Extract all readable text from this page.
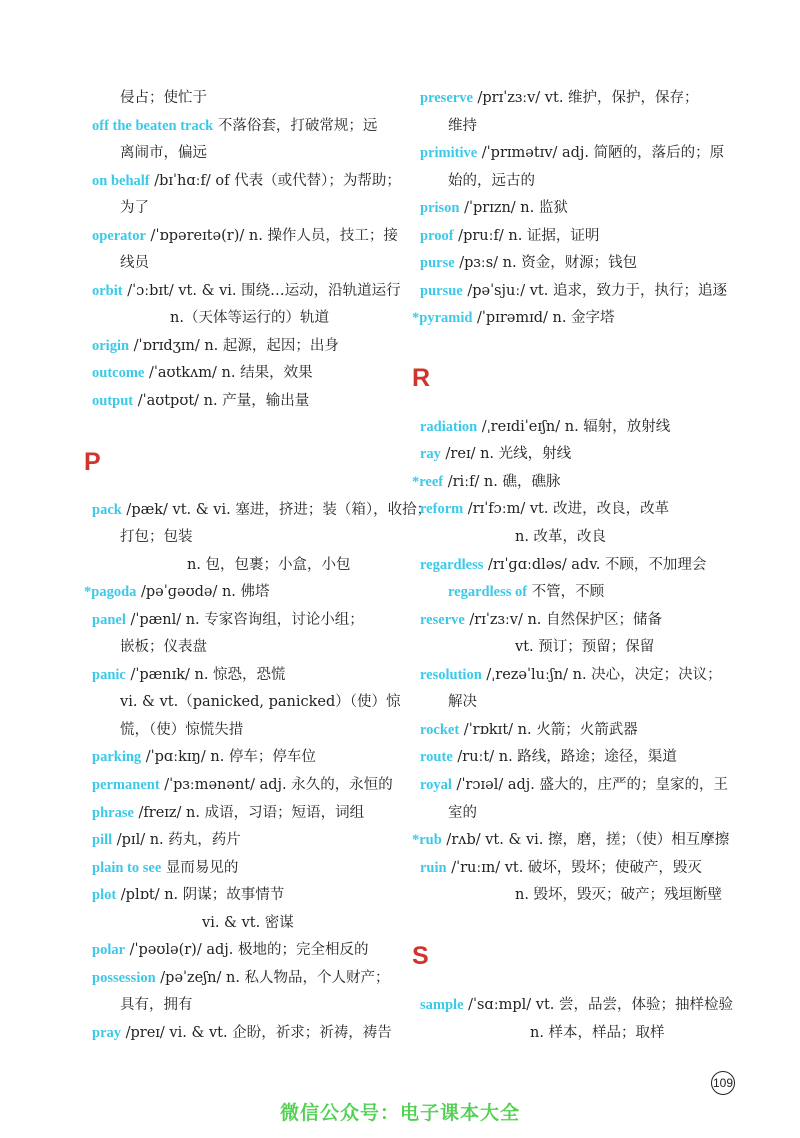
侵占；使忙于
off the beaten track 不落俗套，打破常规；远
离闹市，偏远
on behalf /bɪˈhɑːf/ of 代表（或代替）；为帮助；
为了
operator /ˈɒpəreɪtə(r)/ n. 操作人员，技工；接
线员
orbit /ˈɔːbɪt/ vt. & vi. 围绕…运动，沿轨道运行
n.（天体等运行的）轨道
origin /ˈɒrɪdʒɪn/ n. 起源，起因；出身
outcome /ˈaʊtkʌm/ n. 结果，效果
output /ˈaʊtpʊt/ n. 产量，输出量
pack /pæk/ vt. & vi. 塞进，挤进；装（箱），收拾；
打包；包装
n. 包，包裹；小盒，小包
*pagoda /pəˈɡəʊdə/ n. 佛塔
panel /ˈpænl/ n. 专家咨询组，讨论小组；
嵌板；仪表盘
panic /ˈpænɪk/ n. 惊恐，恐慌
vi. & vt.（panicked, panicked）（使）惊
慌，（使）惊慌失措
parking /ˈpɑːkɪŋ/ n. 停车；停车位
permanent /ˈpɜːmənənt/ adj. 永久的，永恒的
phrase /freɪz/ n. 成语，习语；短语，词组
pill /pɪl/ n. 药丸，药片
plain to see 显而易见的
plot /plɒt/ n. 阴谋；故事情节
vi. & vt. 密谋
polar /ˈpəʊlə(r)/ adj. 极地的；完全相反的
possession /pəˈzeʃn/ n. 私人物品，个人财产；
具有，拥有
pray /preɪ/ vi. & vt. 企盼，祈求；祈祷，祷告
preserve /prɪˈzɜːv/ vt. 维护，保护，保存；
维持
primitive /ˈprɪmətɪv/ adj. 简陋的，落后的；原
始的，远古的
prison /ˈprɪzn/ n. 监狱
proof /pruːf/ n. 证据，证明
purse /pɜːs/ n. 资金，财源；钱包
pursue /pəˈsjuː/ vt. 追求，致力于，执行；追逐
*pyramid /ˈpɪrəmɪd/ n. 金字塔
radiation /ˌreɪdiˈeɪʃn/ n. 辐射，放射线
ray /reɪ/ n. 光线，射线
*reef /riːf/ n. 礁，礁脉
reform /rɪˈfɔːm/ vt. 改进，改良，改革
n. 改革，改良
regardless /rɪˈɡɑːdləs/ adv. 不顾，不加理会
regardless of 不管，不顾
reserve /rɪˈzɜːv/ n. 自然保护区；储备
vt. 预订；预留；保留
resolution /ˌrezəˈluːʃn/ n. 决心，决定；决议；
解决
rocket /ˈrɒkɪt/ n. 火箭；火箭武器
route /ruːt/ n. 路线，路途；途径，渠道
royal /ˈrɔɪəl/ adj. 盛大的，庄严的；皇家的，王
室的
*rub /rʌb/ vt. & vi. 擦，磨，搓；（使）相互摩擦
ruin /ˈruːɪn/ vt. 破坏，毁坏；使破产，毁灭
n. 毁坏，毁灭；破产；残垣断壁
sample /ˈsɑːmpl/ vt. 尝，品尝，体验；抽样检验
n. 样本，样品；取样
P
R
S
109
微信公众号：电子课本大全
